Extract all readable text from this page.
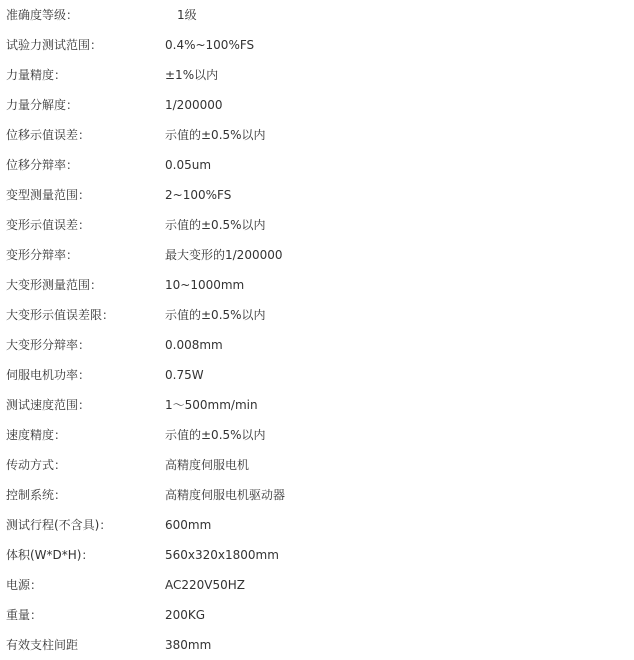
准确度等级：	1级
试验力测试范围：	0.4%~100%FS
力量精度：	±1%以内
力量分解度：	1/200000
位移示值误差：	示值的±0.5%以内
位移分辩率：	0.05um
变型测量范围：	2~100%FS
变形示值误差：	示值的±0.5%以内
变形分辩率：	最大变形的1/200000
大变形测量范围：	10~1000mm
大变形示值误差限：	示值的±0.5%以内
大变形分辩率：	0.008mm
伺服电机功率：	0.75W
测试速度范围：	1～500mm/min
速度精度：	示值的±0.5%以内
传动方式：	高精度伺服电机
控制系统：	高精度伺服电机驱动器
测试行程(不含具)：	600mm
体积(W*D*H)：	560x320x1800mm
电源：	AC220V50HZ
重量：	200KG
有效支柱间距	380mm
